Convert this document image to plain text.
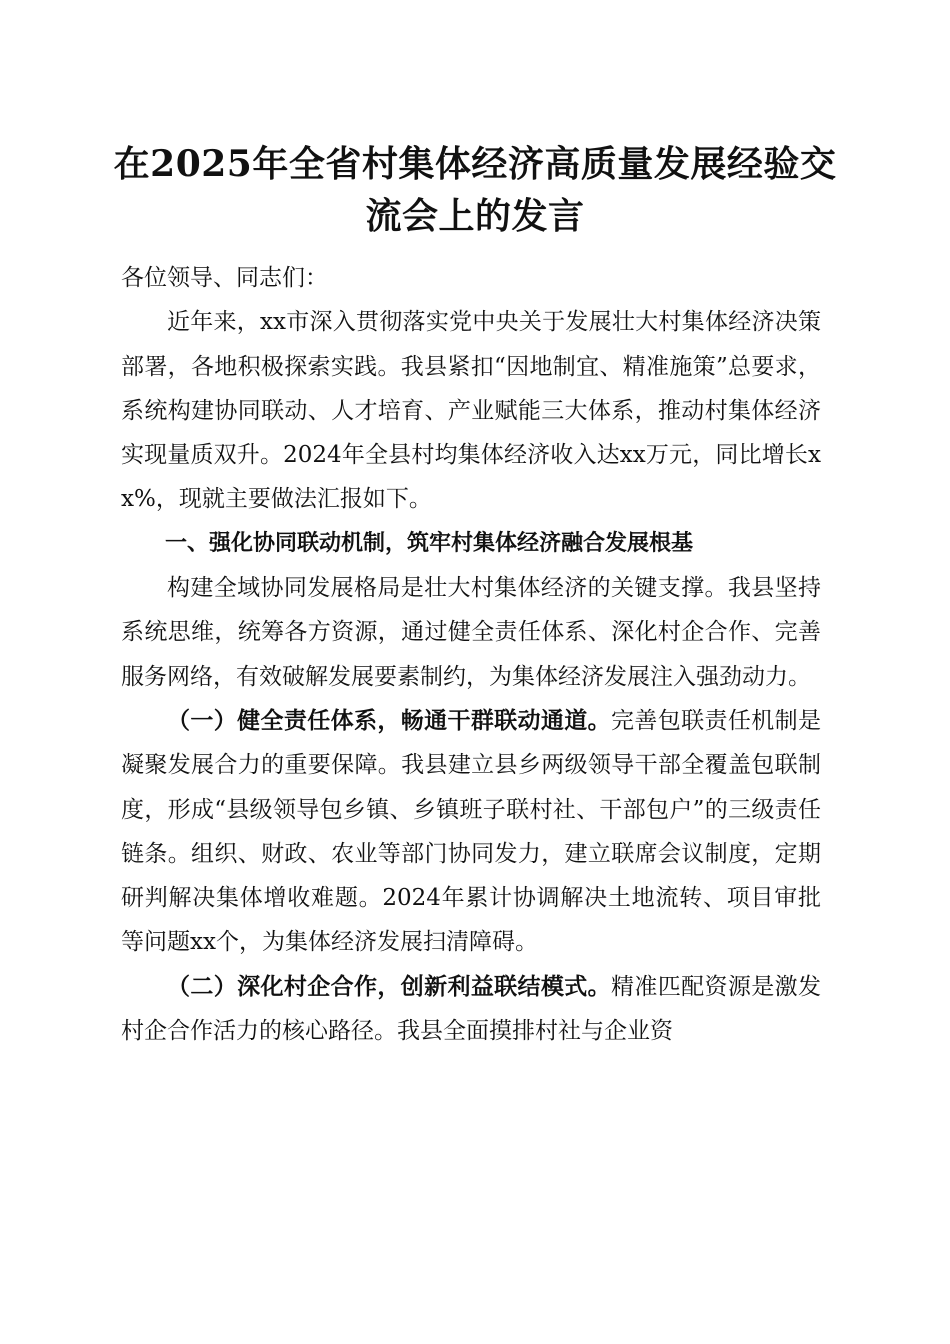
在2025年全省村集体经济高质量发展经验交
流会上的发言

各位领导、同志们：

近年来，xx市深入贯彻落实党中央关于发展壮大村集体经济决策部署，各地积极探索实践。我县紧扣“因地制宜、精准施策”总要求，系统构建协同联动、人才培育、产业赋能三大体系，推动村集体经济实现量质双升。2024年全县村均集体经济收入达xx万元，同比增长xx%，现就主要做法汇报如下。

一、强化协同联动机制，筑牢村集体经济融合发展根基

构建全域协同发展格局是壮大村集体经济的关键支撑。我县坚持系统思维，统筹各方资源，通过健全责任体系、深化村企合作、完善服务网络，有效破解发展要素制约，为集体经济发展注入强劲动力。

（一）健全责任体系，畅通干群联动通道。完善包联责任机制是凝聚发展合力的重要保障。我县建立县乡两级领导干部全覆盖包联制度，形成“县级领导包乡镇、乡镇班子联村社、干部包户”的三级责任链条。组织、财政、农业等部门协同发力，建立联席会议制度，定期研判解决集体增收难题。2024年累计协调解决土地流转、项目审批等问题xx个，为集体经济发展扫清障碍。

（二）深化村企合作，创新利益联结模式。精准匹配资源是激发村企合作活力的核心路径。我县全面摸排村社与企业资
